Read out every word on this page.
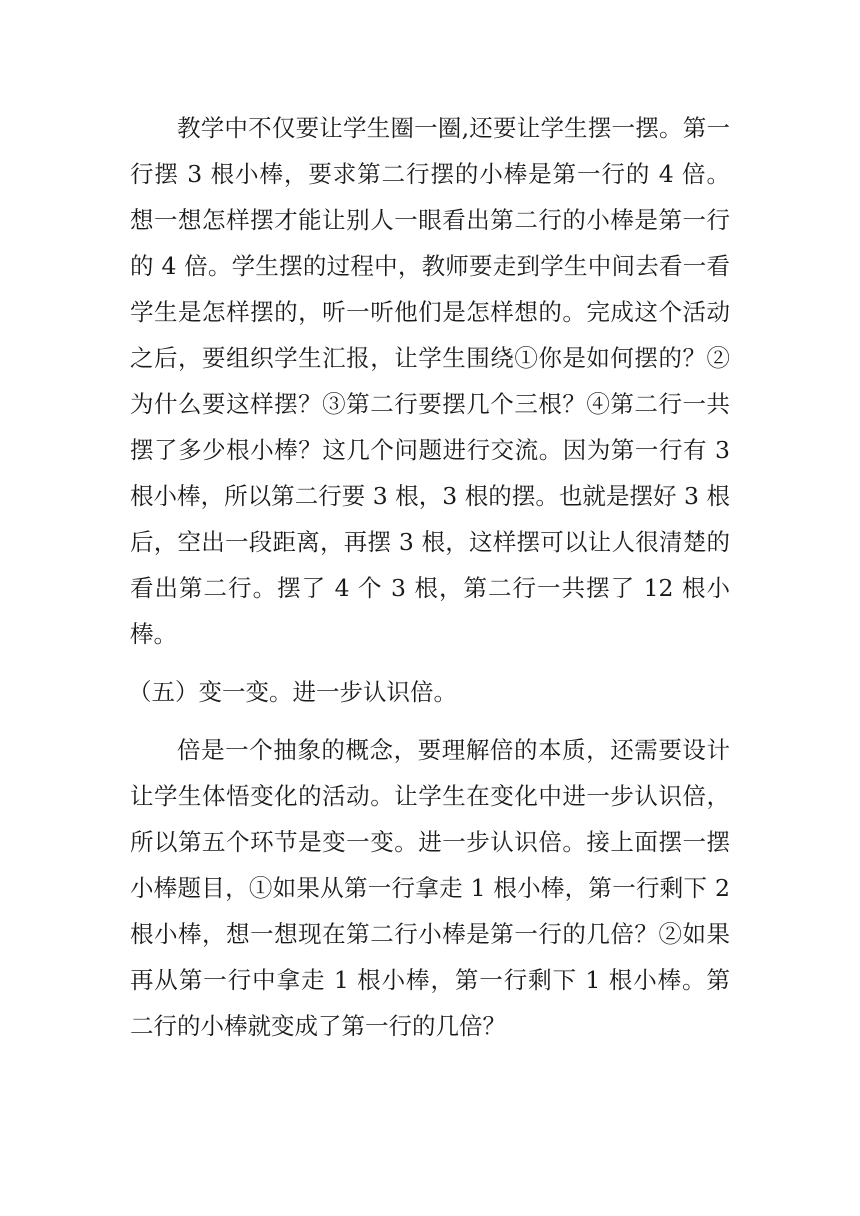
教学中不仅要让学生圈一圈,还要让学生摆一摆。第一行摆 3 根小棒，要求第二行摆的小棒是第一行的 4 倍。想一想怎样摆才能让别人一眼看出第二行的小棒是第一行的 4 倍。学生摆的过程中，教师要走到学生中间去看一看学生是怎样摆的，听一听他们是怎样想的。完成这个活动之后，要组织学生汇报，让学生围绕①你是如何摆的？②为什么要这样摆？③第二行要摆几个三根？④第二行一共摆了多少根小棒？这几个问题进行交流。因为第一行有 3 根小棒，所以第二行要 3 根，3 根的摆。也就是摆好 3 根后，空出一段距离，再摆 3 根，这样摆可以让人很清楚的看出第二行。摆了 4 个 3 根，第二行一共摆了 12 根小棒。

（五）变一变。进一步认识倍。

倍是一个抽象的概念，要理解倍的本质，还需要设计让学生体悟变化的活动。让学生在变化中进一步认识倍，所以第五个环节是变一变。进一步认识倍。接上面摆一摆小棒题目，①如果从第一行拿走 1 根小棒，第一行剩下 2 根小棒，想一想现在第二行小棒是第一行的几倍？②如果再从第一行中拿走 1 根小棒，第一行剩下 1 根小棒。第二行的小棒就变成了第一行的几倍？
